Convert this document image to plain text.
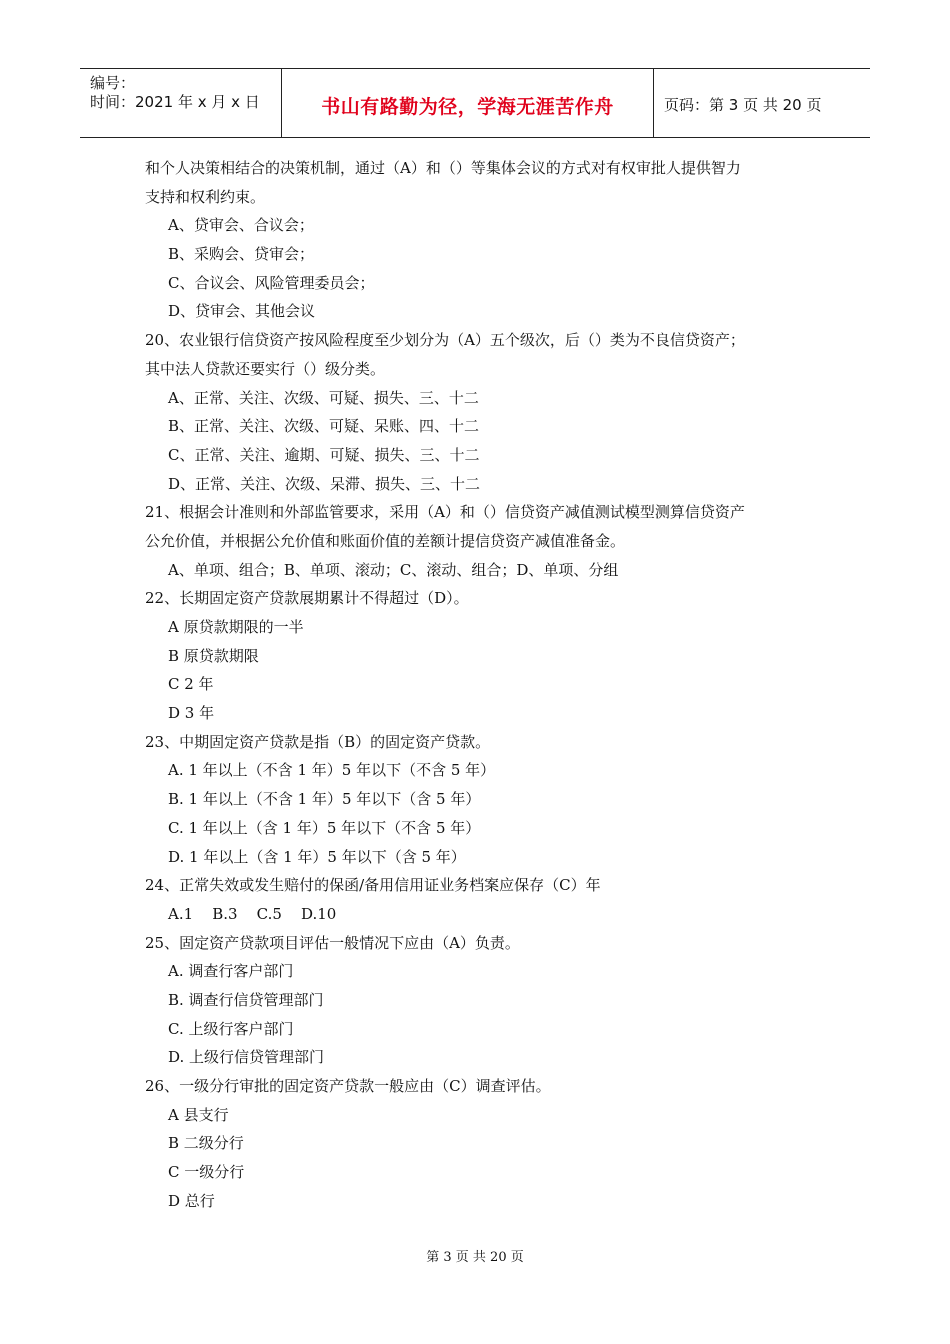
编号：
时间：2021 年 x 月 x 日	书山有路勤为径，学海无涯苦作舟	页码：第 3 页 共 20 页
和个人决策相结合的决策机制，通过（A）和（）等集体会议的方式对有权审批人提供智力
支持和权利约束。
A、贷审会、合议会；
B、采购会、贷审会；
C、合议会、风险管理委员会；
D、贷审会、其他会议
20、农业银行信贷资产按风险程度至少划分为（A）五个级次，后（）类为不良信贷资产；
其中法人贷款还要实行（）级分类。
A、正常、关注、次级、可疑、损失、三、十二
B、正常、关注、次级、可疑、呆账、四、十二
C、正常、关注、逾期、可疑、损失、三、十二
D、正常、关注、次级、呆滞、损失、三、十二
21、根据会计准则和外部监管要求，采用（A）和（）信贷资产减值测试模型测算信贷资产
公允价值，并根据公允价值和账面价值的差额计提信贷资产减值准备金。
A、单项、组合；B、单项、滚动；C、滚动、组合；D、单项、分组
22、长期固定资产贷款展期累计不得超过（D）。
A 原贷款期限的一半
B 原贷款期限
C 2 年
D 3 年
23、中期固定资产贷款是指（B）的固定资产贷款。
A. 1 年以上（不含 1 年）5 年以下（不含 5 年）
B. 1 年以上（不含 1 年）5 年以下（含 5 年）
C. 1 年以上（含 1 年）5 年以下（不含 5 年）
D. 1 年以上（含 1 年）5 年以下（含 5 年）
24、正常失效或发生赔付的保函/备用信用证业务档案应保存（C）年
A.1    B.3    C.5    D.10
25、固定资产贷款项目评估一般情况下应由（A）负责。
A. 调查行客户部门
B. 调查行信贷管理部门
C. 上级行客户部门
D. 上级行信贷管理部门
26、一级分行审批的固定资产贷款一般应由（C）调查评估。
A 县支行
B 二级分行
C 一级分行
D 总行
第 3 页 共 20 页
